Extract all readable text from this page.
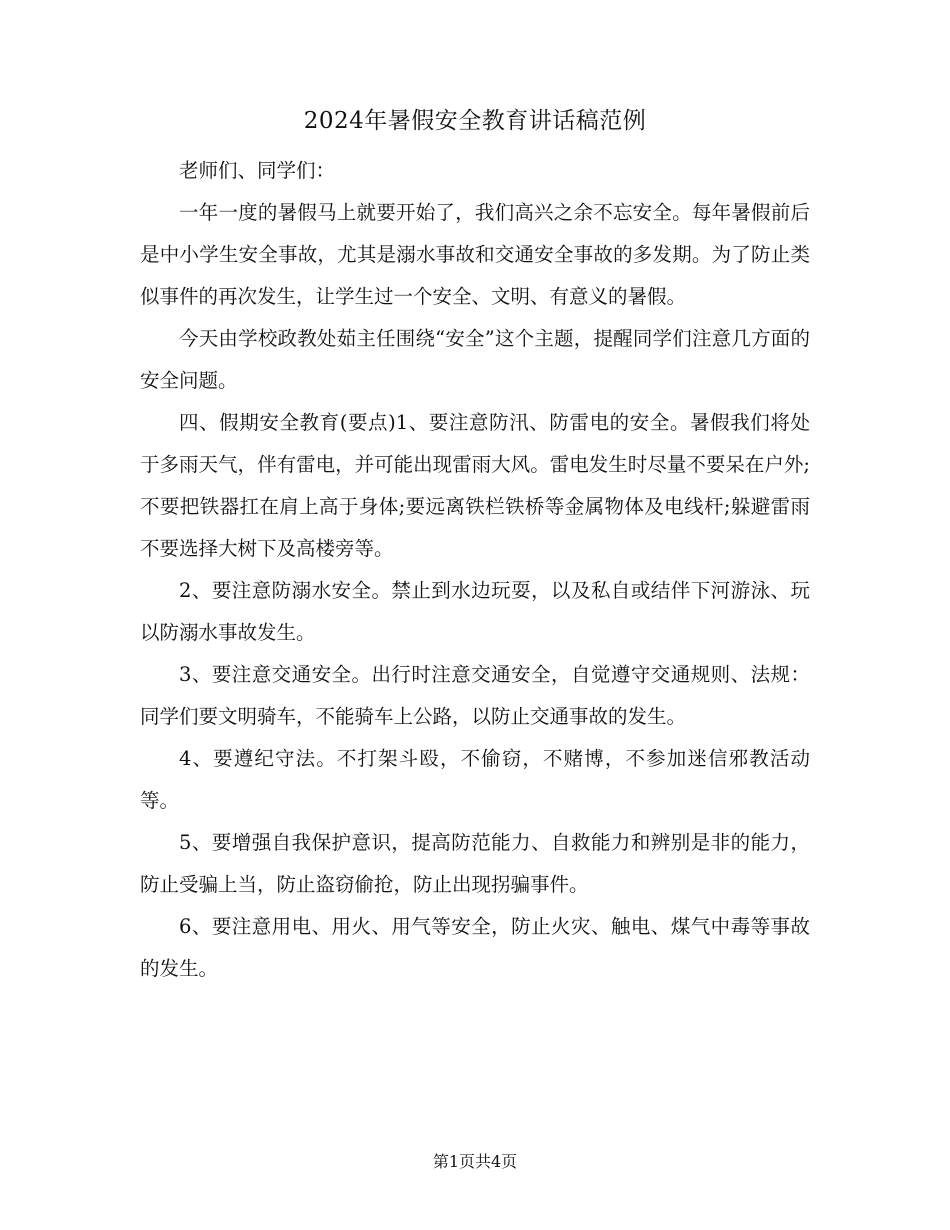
2024年暑假安全教育讲话稿范例

老师们、同学们：

一年一度的暑假马上就要开始了，我们高兴之余不忘安全。每年暑假前后是中小学生安全事故，尤其是溺水事故和交通安全事故的多发期。为了防止类似事件的再次发生，让学生过一个安全、文明、有意义的暑假。

今天由学校政教处茹主任围绕“安全”这个主题，提醒同学们注意几方面的安全问题。

四、假期安全教育(要点)1、要注意防汛、防雷电的安全。暑假我们将处于多雨天气，伴有雷电，并可能出现雷雨大风。雷电发生时尽量不要呆在户外;不要把铁器扛在肩上高于身体;要远离铁栏铁桥等金属物体及电线杆;躲避雷雨不要选择大树下及高楼旁等。

2、要注意防溺水安全。禁止到水边玩耍，以及私自或结伴下河游泳、玩以防溺水事故发生。

3、要注意交通安全。出行时注意交通安全，自觉遵守交通规则、法规：同学们要文明骑车，不能骑车上公路，以防止交通事故的发生。

4、要遵纪守法。不打架斗殴，不偷窃，不赌博，不参加迷信邪教活动等。

5、要增强自我保护意识，提高防范能力、自救能力和辨别是非的能力，防止受骗上当，防止盗窃偷抢，防止出现拐骗事件。

6、要注意用电、用火、用气等安全，防止火灾、触电、煤气中毒等事故的发生。

第1页共4页
